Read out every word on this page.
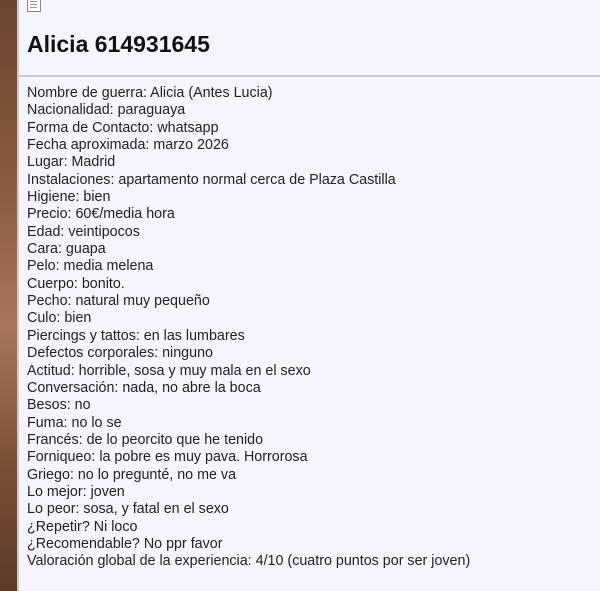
Alicia 614931645
Nombre de guerra: Alicia (Antes Lucia)
Nacionalidad: paraguaya
Forma de Contacto: whatsapp
Fecha aproximada: marzo 2026
Lugar: Madrid
Instalaciones: apartamento normal cerca de Plaza Castilla
Higiene: bien
Precio: 60€/media hora
Edad: veintipocos
Cara: guapa
Pelo: media melena
Cuerpo: bonito.
Pecho: natural muy pequeño
Culo: bien
Piercings y tattos: en las lumbares
Defectos corporales: ninguno
Actitud: horrible, sosa y muy mala en el sexo
Conversación: nada, no abre la boca
Besos: no
Fuma: no lo se
Francés: de lo peorcito que he tenido
Forniqueo: la pobre es muy pava. Horrorosa
Griego: no lo pregunté, no me va
Lo mejor: joven
Lo peor: sosa, y fatal en el sexo
¿Repetir? Ni loco
¿Recomendable? No ppr favor
Valoración global de la experiencia: 4/10 (cuatro puntos por ser joven)
